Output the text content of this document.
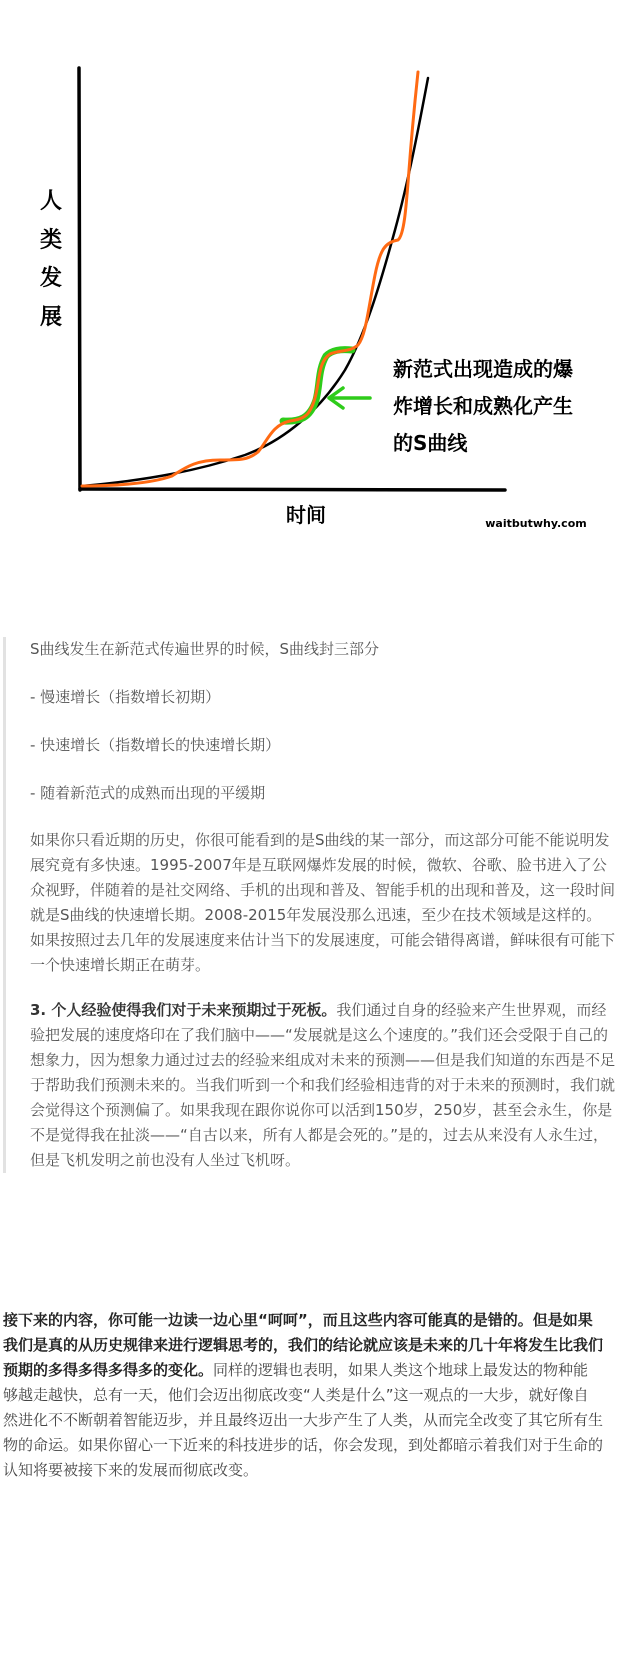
人
类
发
展
时间
新范式出现造成的爆
炸增长和成熟化产生
的S曲线
waitbutwhy.com

S曲线发生在新范式传遍世界的时候，S曲线封三部分

- 慢速增长（指数增长初期）

- 快速增长（指数增长的快速增长期）

- 随着新范式的成熟而出现的平缓期

如果你只看近期的历史，你很可能看到的是S曲线的某一部分，而这部分可能不能说明发展究竟有多快速。1995-2007年是互联网爆炸发展的时候，微软、谷歌、脸书进入了公众视野，伴随着的是社交网络、手机的出现和普及、智能手机的出现和普及，这一段时间就是S曲线的快速增长期。2008-2015年发展没那么迅速，至少在技术领域是这样的。如果按照过去几年的发展速度来估计当下的发展速度，可能会错得离谱，鲜味很有可能下一个快速增长期正在萌芽。

3. 个人经验使得我们对于未来预期过于死板。我们通过自身的经验来产生世界观，而经验把发展的速度烙印在了我们脑中——“发展就是这么个速度的。”我们还会受限于自己的想象力，因为想象力通过过去的经验来组成对未来的预测——但是我们知道的东西是不足于帮助我们预测未来的。当我们听到一个和我们经验相违背的对于未来的预测时，我们就会觉得这个预测偏了。如果我现在跟你说你可以活到150岁，250岁，甚至会永生，你是不是觉得我在扯淡——“自古以来，所有人都是会死的。”是的，过去从来没有人永生过，但是飞机发明之前也没有人坐过飞机呀。

接下来的内容，你可能一边读一边心里“呵呵”，而且这些内容可能真的是错的。但是如果我们是真的从历史规律来进行逻辑思考的，我们的结论就应该是未来的几十年将发生比我们预期的多得多得多得多的变化。同样的逻辑也表明，如果人类这个地球上最发达的物种能够越走越快，总有一天，他们会迈出彻底改变“人类是什么”这一观点的一大步，就好像自然进化不不断朝着智能迈步，并且最终迈出一大步产生了人类，从而完全改变了其它所有生物的命运。如果你留心一下近来的科技进步的话，你会发现，到处都暗示着我们对于生命的认知将要被接下来的发展而彻底改变。
